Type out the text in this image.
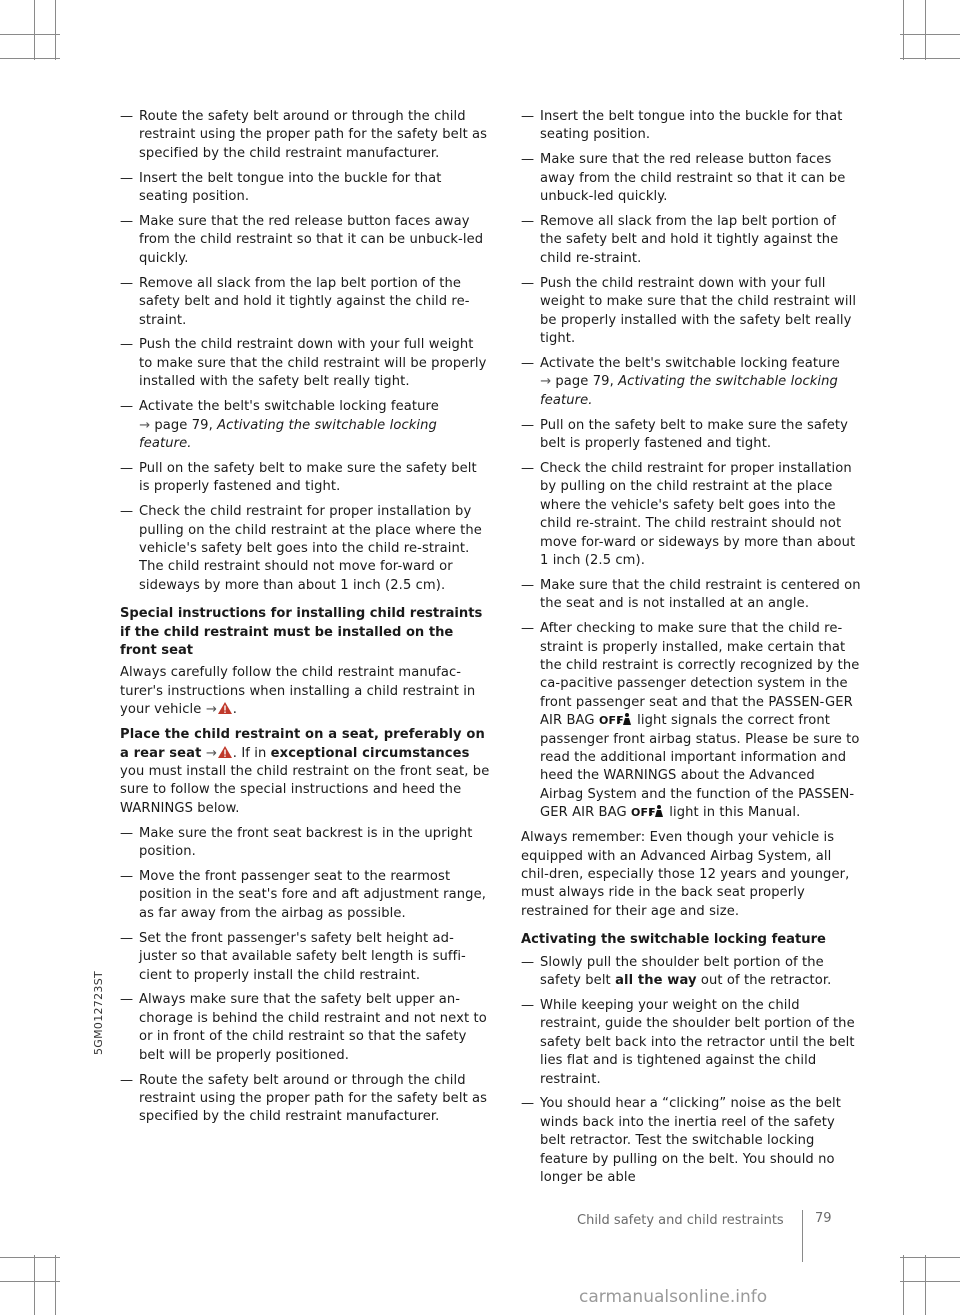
— Route the safety belt around or through the child restraint using the proper path for the safety belt as specified by the child restraint manufacturer.
— Insert the belt tongue into the buckle for that seating position.
— Make sure that the red release button faces away from the child restraint so that it can be unbuck-led quickly.
— Remove all slack from the lap belt portion of the safety belt and hold it tightly against the child re-straint.
— Push the child restraint down with your full weight to make sure that the child restraint will be properly installed with the safety belt really tight.
— Activate the belt's switchable locking feature
→ page 79, Activating the switchable locking feature.
— Pull on the safety belt to make sure the safety belt is properly fastened and tight.
— Check the child restraint for proper installation by pulling on the child restraint at the place where the vehicle's safety belt goes into the child re-straint. The child restraint should not move for-ward or sideways by more than about 1 inch (2.5 cm).
Special instructions for installing child restraints if the child restraint must be installed on the front seat
Always carefully follow the child restraint manufac-turer's instructions when installing a child restraint in your vehicle → .
Place the child restraint on a seat, preferably on a rear seat → . If in exceptional circumstances you must install the child restraint on the front seat, be sure to follow the special instructions and heed the WARNINGS below.
— Make sure the front seat backrest is in the upright position.
— Move the front passenger seat to the rearmost position in the seat's fore and aft adjustment range, as far away from the airbag as possible.
— Set the front passenger's safety belt height ad-juster so that available safety belt length is suffi-cient to properly install the child restraint.
— Always make sure that the safety belt upper an-chorage is behind the child restraint and not next to or in front of the child restraint so that the safety belt will be properly positioned.
— Route the safety belt around or through the child restraint using the proper path for the safety belt as specified by the child restraint manufacturer.
— Insert the belt tongue into the buckle for that seating position.
— Make sure that the red release button faces away from the child restraint so that it can be unbuck-led quickly.
— Remove all slack from the lap belt portion of the safety belt and hold it tightly against the child re-straint.
— Push the child restraint down with your full weight to make sure that the child restraint will be properly installed with the safety belt really tight.
— Activate the belt's switchable locking feature
→ page 79, Activating the switchable locking feature.
— Pull on the safety belt to make sure the safety belt is properly fastened and tight.
— Check the child restraint for proper installation by pulling on the child restraint at the place where the vehicle's safety belt goes into the child re-straint. The child restraint should not move for-ward or sideways by more than about 1 inch (2.5 cm).
— Make sure that the child restraint is centered on the seat and is not installed at an angle.
— After checking to make sure that the child re-straint is properly installed, make certain that the child restraint is correctly recognized by the ca-pacitive passenger detection system in the front passenger seat and that the PASSEN-GER AIR BAG OFF light signals the correct front passenger front airbag status. Please be sure to read the additional important information and heed the WARNINGS about the Advanced Airbag System and the function of the PASSEN-GER AIR BAG OFF light in this Manual.
Always remember: Even though your vehicle is equipped with an Advanced Airbag System, all chil-dren, especially those 12 years and younger, must always ride in the back seat properly restrained for their age and size.
Activating the switchable locking feature
— Slowly pull the shoulder belt portion of the safety belt all the way out of the retractor.
— While keeping your weight on the child restraint, guide the shoulder belt portion of the safety belt back into the retractor until the belt lies flat and is tightened against the child restraint.
— You should hear a “clicking” noise as the belt winds back into the inertia reel of the safety belt retractor. Test the switchable locking feature by pulling on the belt. You should no longer be able
5GM012723ST
Child safety and child restraints 79
carmanualsonline.info
